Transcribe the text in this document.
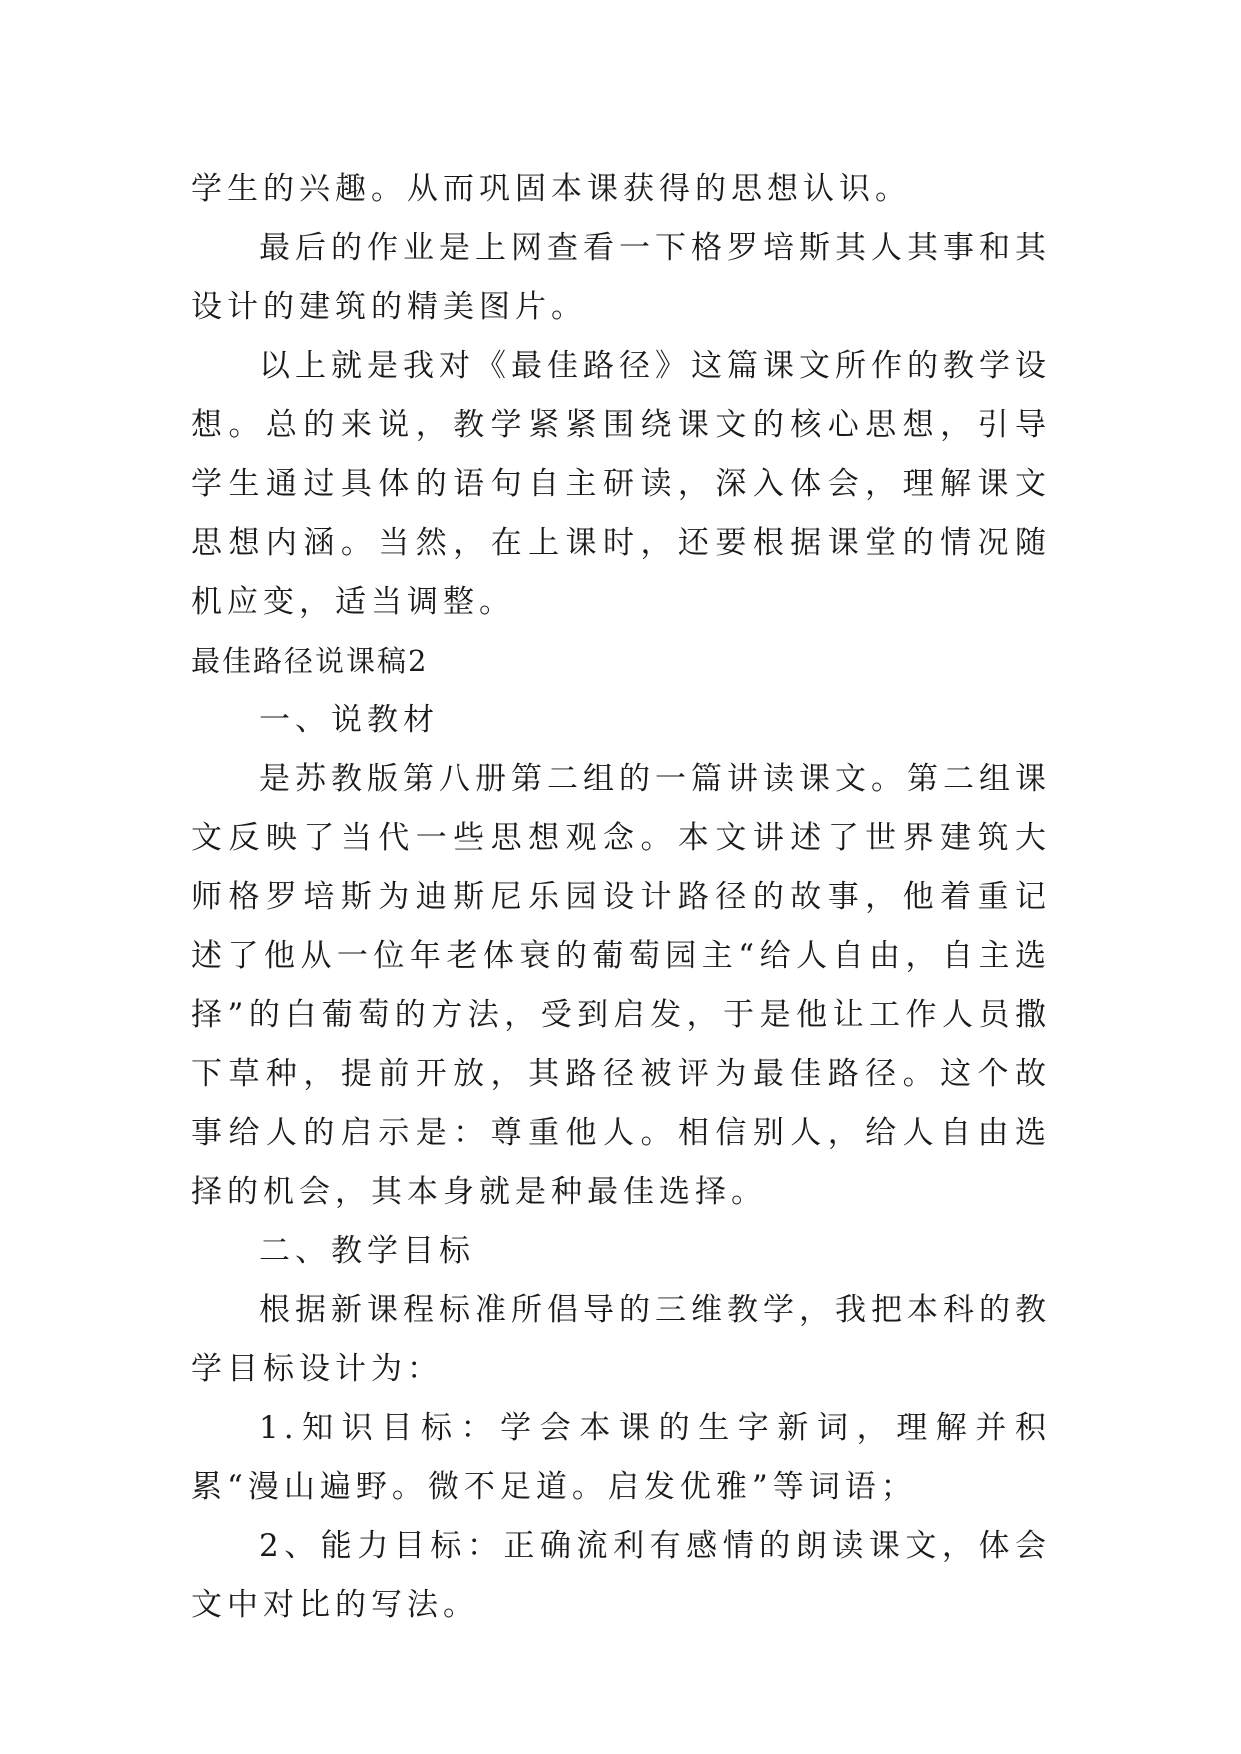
学生的兴趣。从而巩固本课获得的思想认识。

最后的作业是上网查看一下格罗培斯其人其事和其设计的建筑的精美图片。

以上就是我对《最佳路径》这篇课文所作的教学设想。总的来说，教学紧紧围绕课文的核心思想，引导学生通过具体的语句自主研读，深入体会，理解课文思想内涵。当然，在上课时，还要根据课堂的情况随机应变，适当调整。

最佳路径说课稿2

一、说教材

是苏教版第八册第二组的一篇讲读课文。第二组课文反映了当代一些思想观念。本文讲述了世界建筑大师格罗培斯为迪斯尼乐园设计路径的故事，他着重记述了他从一位年老体衰的葡萄园主“给人自由，自主选择”的白葡萄的方法，受到启发，于是他让工作人员撒下草种，提前开放，其路径被评为最佳路径。这个故事给人的启示是：尊重他人。相信别人，给人自由选择的机会，其本身就是种最佳选择。

二、教学目标

根据新课程标准所倡导的三维教学，我把本科的教学目标设计为：

1.知识目标：学会本课的生字新词，理解并积累“漫山遍野。微不足道。启发优雅”等词语；

2、能力目标：正确流利有感情的朗读课文，体会文中对比的写法。
